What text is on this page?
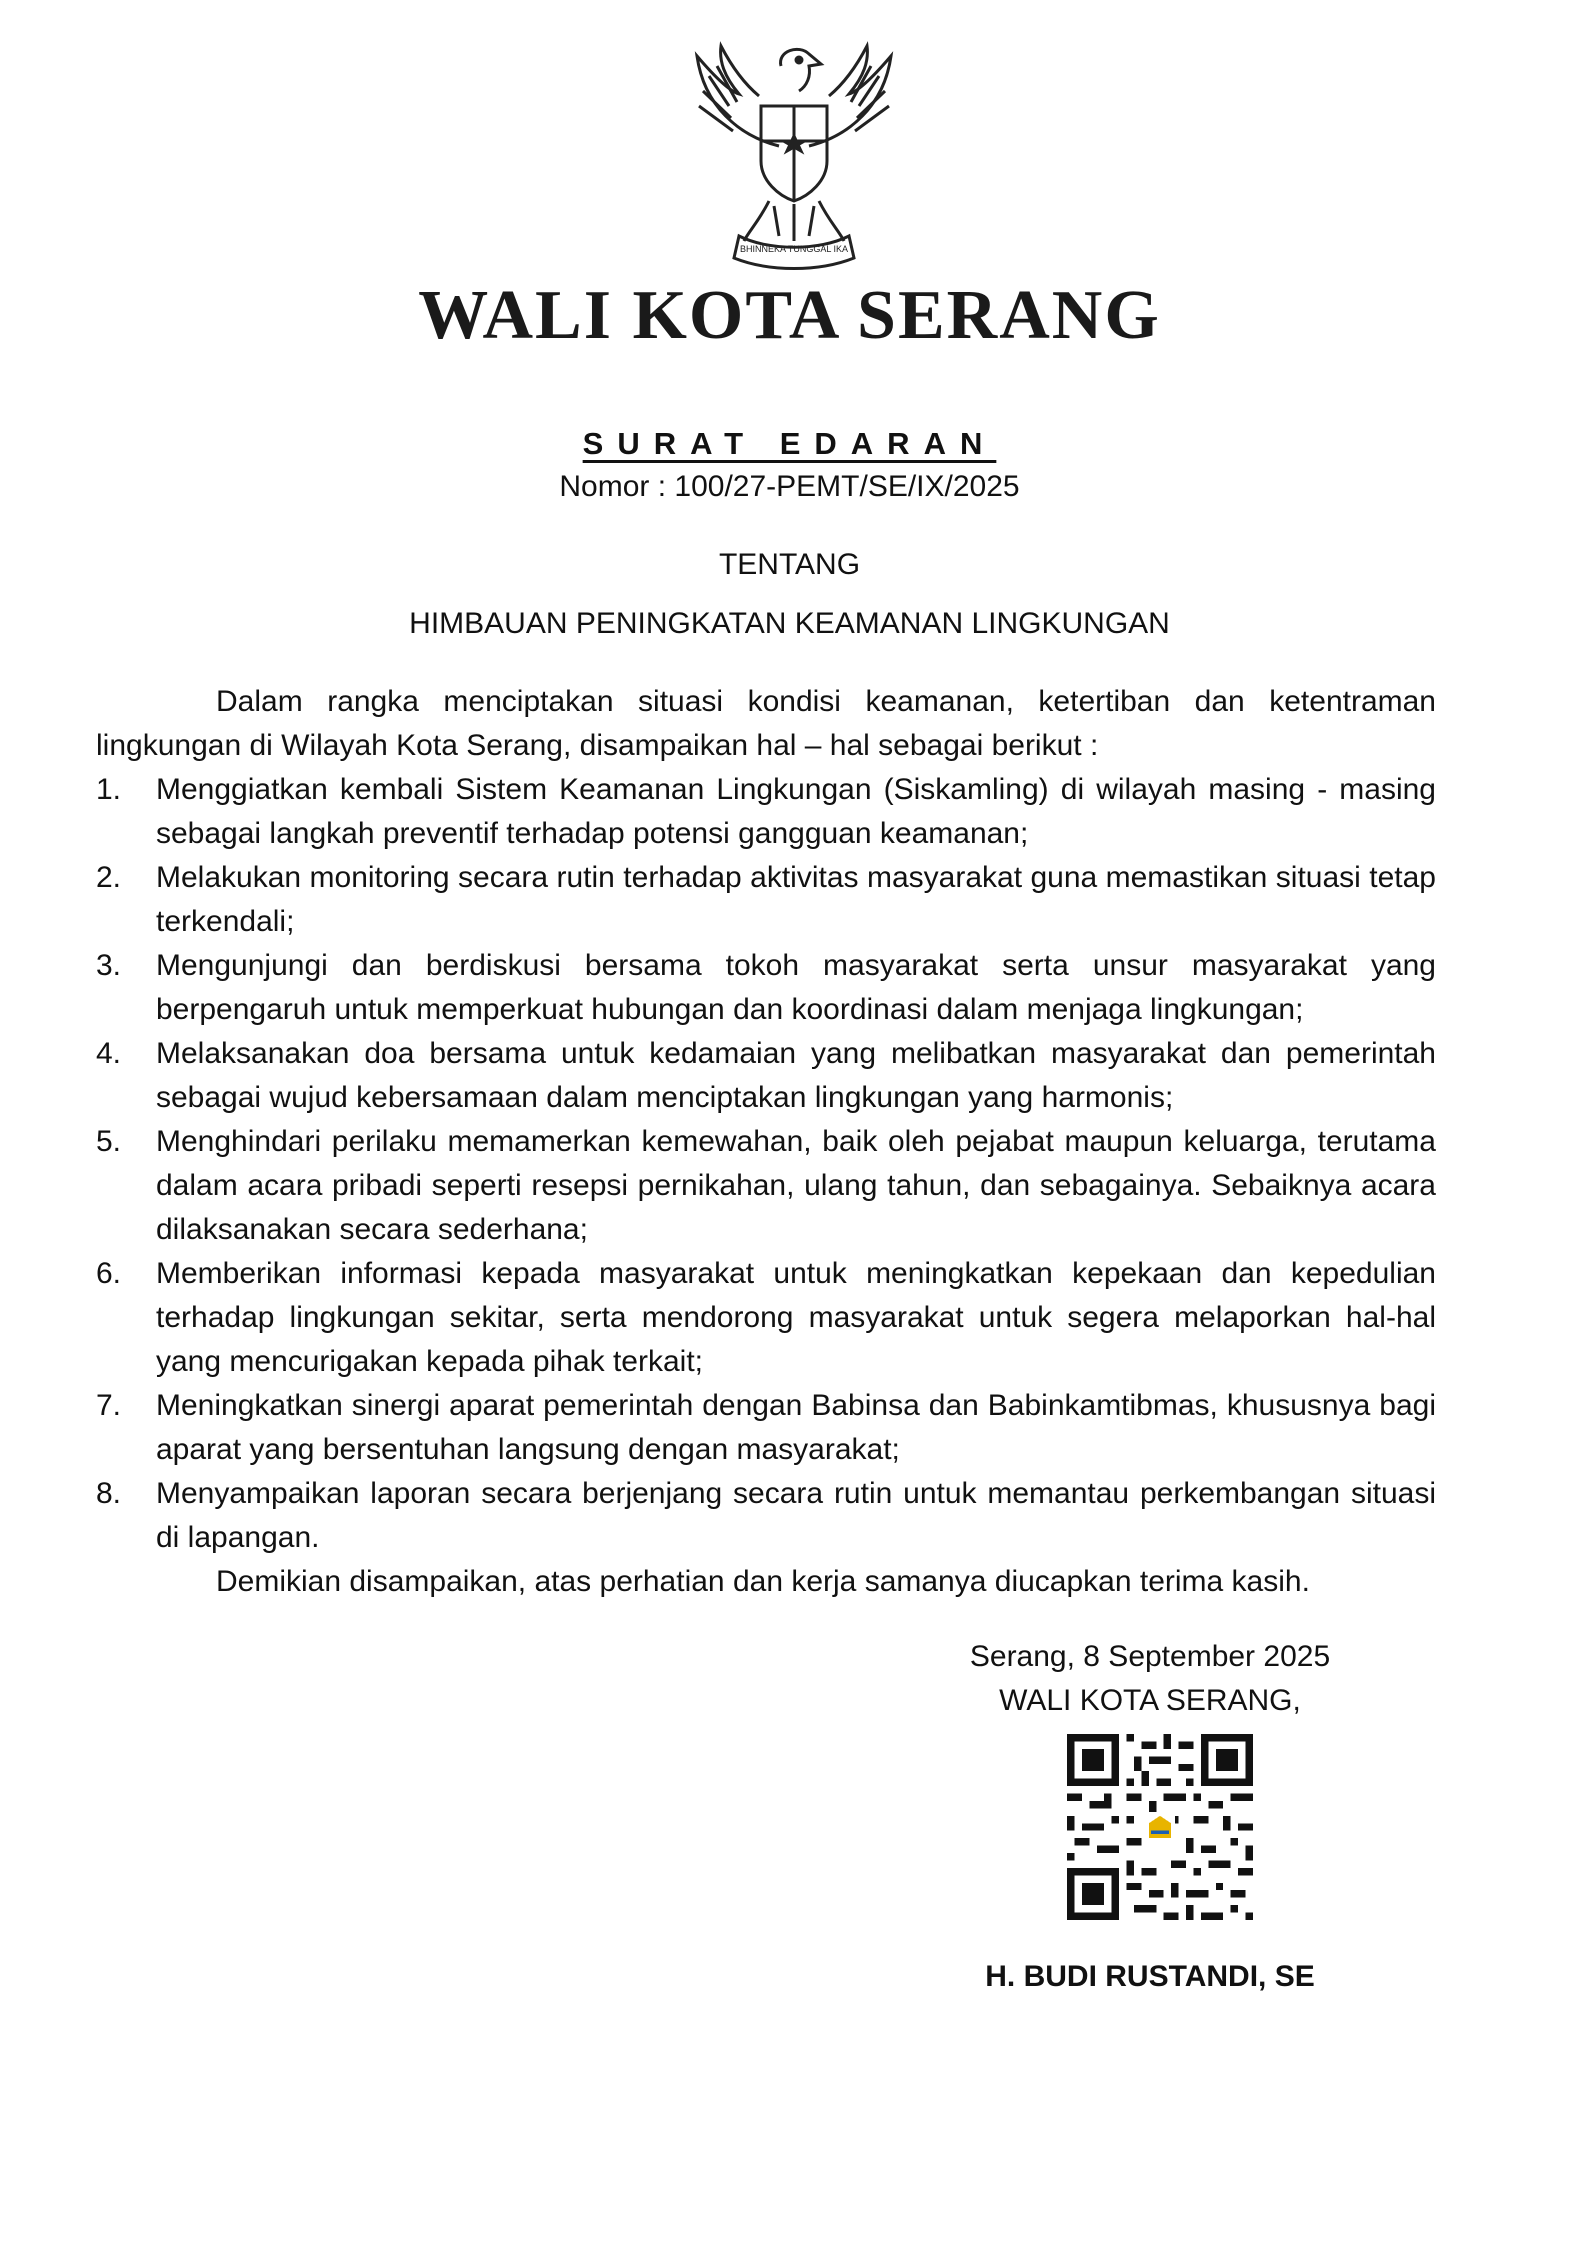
BHINNEKA TUNGGAL IKA
WALI KOTA SERANG
SURAT EDARAN
Nomor : 100/27-PEMT/SE/IX/2025
TENTANG
HIMBAUAN PENINGKATAN KEAMANAN LINGKUNGAN

Dalam rangka menciptakan situasi kondisi keamanan, ketertiban dan ketentraman lingkungan di Wilayah Kota Serang, disampaikan hal – hal sebagai berikut :

1. Menggiatkan kembali Sistem Keamanan Lingkungan (Siskamling) di wilayah masing - masing sebagai langkah preventif terhadap potensi gangguan keamanan;
2. Melakukan monitoring secara rutin terhadap aktivitas masyarakat guna memastikan situasi tetap terkendali;
3. Mengunjungi dan berdiskusi bersama tokoh masyarakat serta unsur masyarakat yang berpengaruh untuk memperkuat hubungan dan koordinasi dalam menjaga lingkungan;
4. Melaksanakan doa bersama untuk kedamaian yang melibatkan masyarakat dan pemerintah sebagai wujud kebersamaan dalam menciptakan lingkungan yang harmonis;
5. Menghindari perilaku memamerkan kemewahan, baik oleh pejabat maupun keluarga, terutama dalam acara pribadi seperti resepsi pernikahan, ulang tahun, dan sebagainya. Sebaiknya acara dilaksanakan secara sederhana;
6. Memberikan informasi kepada masyarakat untuk meningkatkan kepekaan dan kepedulian terhadap lingkungan sekitar, serta mendorong masyarakat untuk segera melaporkan hal-hal yang mencurigakan kepada pihak terkait;
7. Meningkatkan sinergi aparat pemerintah dengan Babinsa dan Babinkamtibmas, khususnya bagi aparat yang bersentuhan langsung dengan masyarakat;
8. Menyampaikan laporan secara berjenjang secara rutin untuk memantau perkembangan situasi di lapangan.

Demikian disampaikan, atas perhatian dan kerja samanya diucapkan terima kasih.

Serang, 8 September 2025
WALI KOTA SERANG,
H. BUDI RUSTANDI, SE
